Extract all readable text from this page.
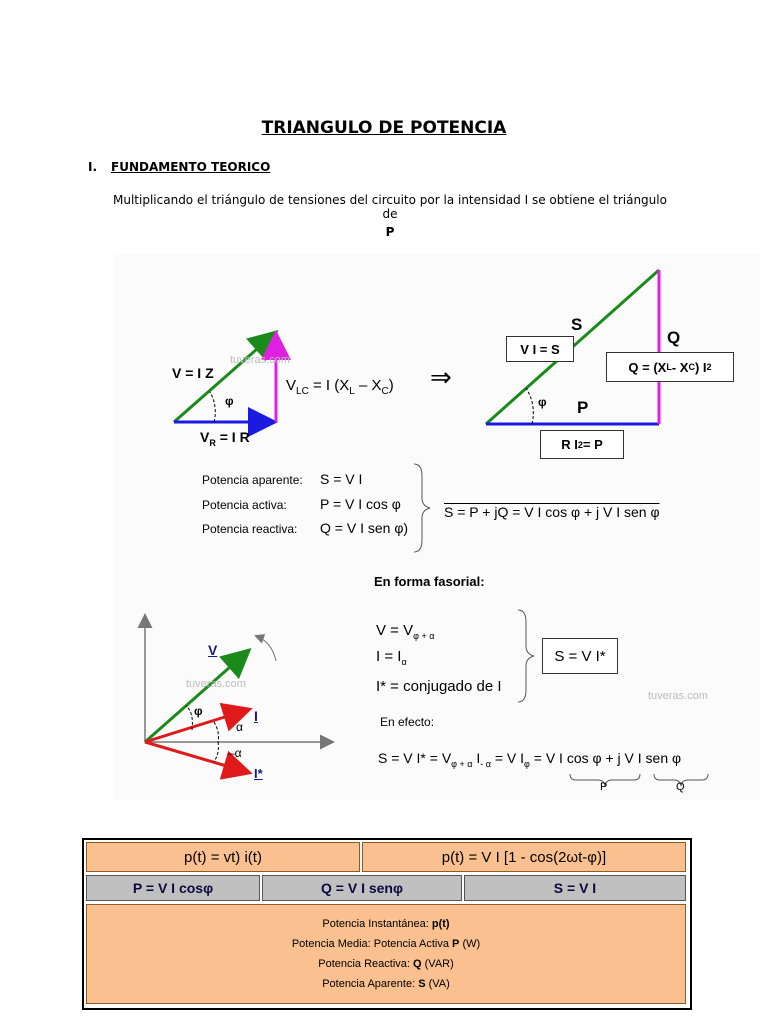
TRIANGULO DE POTENCIA
I. FUNDAMENTO TEORICO
Multiplicando el triángulo de tensiones del circuito por la intensidad I se obtiene el triángulo de
P
tuveras.com
tuveras.com
tuveras.com
V = I Z
φ
$V_R = I$ R
$V_{LC} = I$ $(X_L - X_C)$ ⇒
S
Q
P
φ
V I = S
Q = (X L - X C ) I 2
R I 2 = P
Potencia aparente: S = V I
Potencia activa: P = V I cos φ
Potencia reactiva: Q = V I sen φ)
S = P + jQ = V I cos φ + j V I sen φ
En forma fasorial:
$V = V_{\varphi + \alpha}$
$I = I_\alpha$
I* = conjugado de I
S = V I*
V
φ
α
–α
I
I*
En efecto:
S = V $I* = V_{\varphi + \alpha}$ $I_{- \alpha} = V$ $I_\varphi = V$ I cos φ + j V I sen φ
P	Q
p(t) = vt) i(t)	p(t) = V I [1 - cos(2ωt-φ)]
P = V I cosφ	Q = V I senφ	S = V I
Potencia Instantánea: p(t)
Potencia Media: Potencia Activa P (W)
Potencia Reactiva: Q (VAR)
Potencia Aparente: S (VA)
